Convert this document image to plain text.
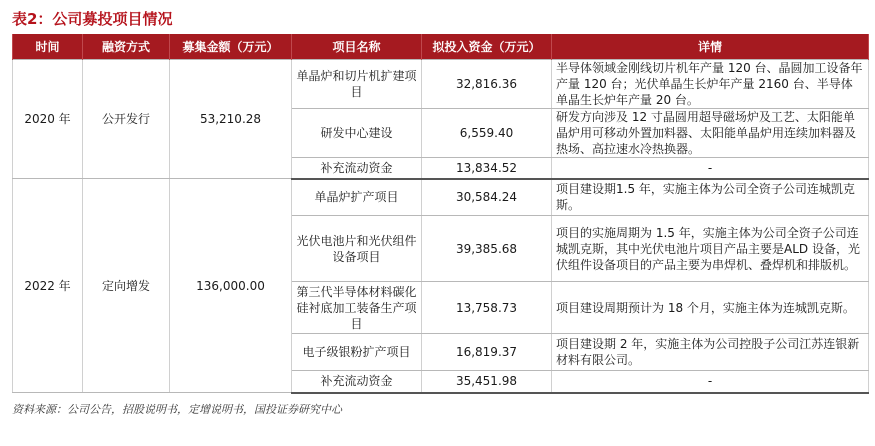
表2：公司募投项目情况
时间	融资方式	募集金额（万元）	项目名称	拟投入资金（万元）	详情
2020 年	公开发行	53,210.28	单晶炉和切片机扩建项目	32,816.36	半导体领域金刚线切片机年产量 120 台、晶圆加工设备年产量 120 台；光伏单晶生长炉年产量 2160 台、半导体单晶生长炉年产量 20 台。
			研发中心建设	6,559.40	研发方向涉及 12 寸晶圆用超导磁场炉及工艺、太阳能单晶炉用可移动外置加料器、太阳能单晶炉用连续加料器及热场、高拉速水冷热换器。
			补充流动资金	13,834.52	-
2022 年	定向增发	136,000.00	单晶炉扩产项目	30,584.24	项目建设期1.5 年，实施主体为公司全资子公司连城凯克斯。
			光伏电池片和光伏组件设备项目	39,385.68	项目的实施周期为 1.5 年，实施主体为公司全资子公司连城凯克斯，其中光伏电池片项目产品主要是ALD 设备，光伏组件设备项目的产品主要为串焊机、叠焊机和排版机。
			第三代半导体材料碳化硅衬底加工装备生产项目	13,758.73	项目建设周期预计为 18 个月，实施主体为连城凯克斯。
			电子级银粉扩产项目	16,819.37	项目建设期 2 年，实施主体为公司控股子公司江苏连银新材料有限公司。
			补充流动资金	35,451.98	-
资料来源：公司公告，招股说明书，定增说明书，国投证券研究中心
